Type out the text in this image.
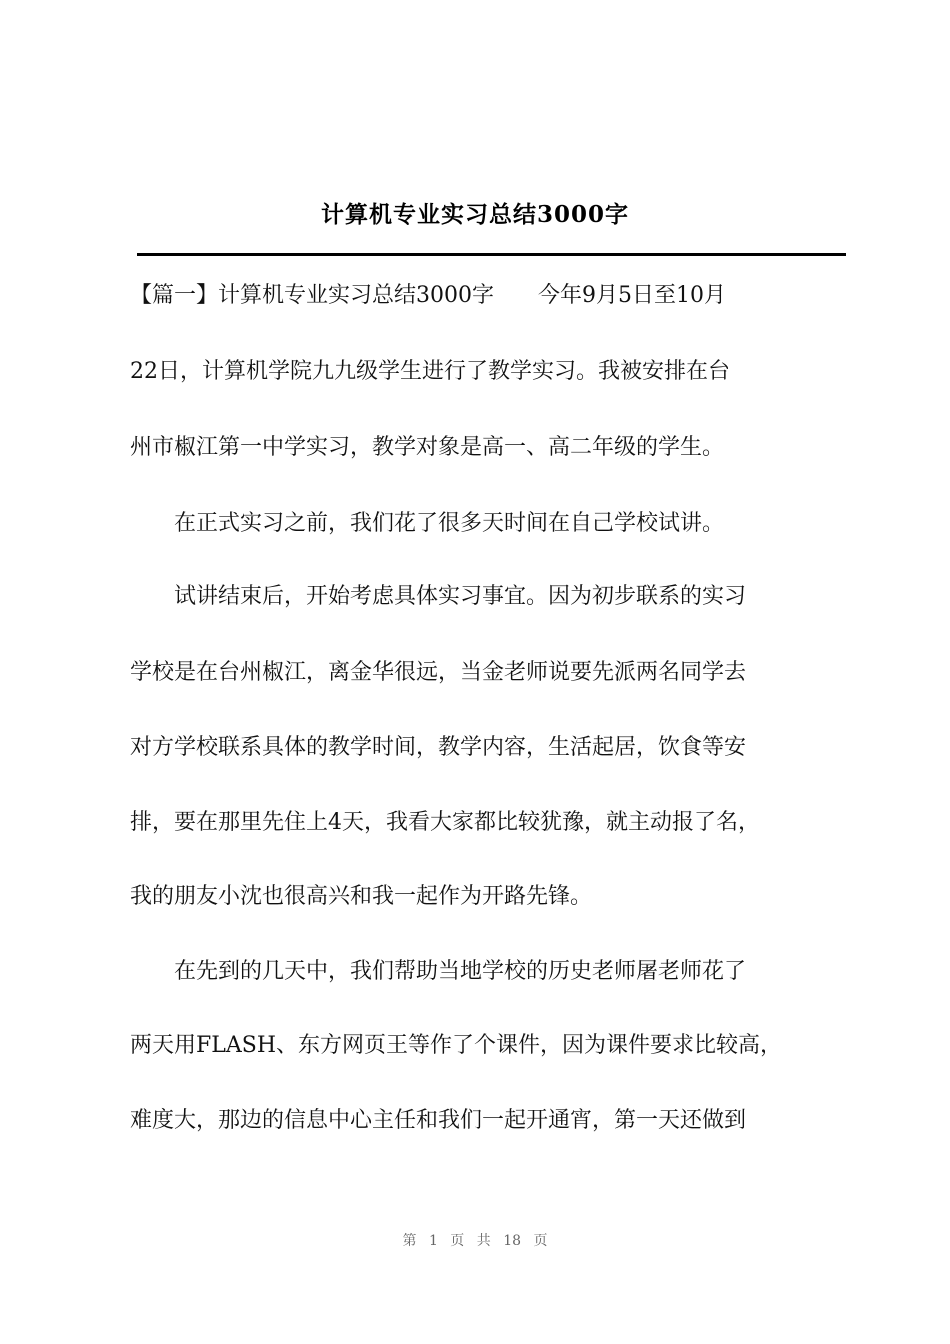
计算机专业实习总结3000字
【篇一】计算机专业实习总结3000字　　今年9月5日至10月
22日，计算机学院九九级学生进行了教学实习。我被安排在台
州市椒江第一中学实习，教学对象是高一、高二年级的学生。
　　在正式实习之前，我们花了很多天时间在自己学校试讲。
　　试讲结束后，开始考虑具体实习事宜。因为初步联系的实习
学校是在台州椒江，离金华很远，当金老师说要先派两名同学去
对方学校联系具体的教学时间，教学内容，生活起居，饮食等安
排，要在那里先住上4天，我看大家都比较犹豫，就主动报了名，
我的朋友小沈也很高兴和我一起作为开路先锋。
　　在先到的几天中，我们帮助当地学校的历史老师屠老师花了
两天用FLASH、东方网页王等作了个课件，因为课件要求比较高，
难度大，那边的信息中心主任和我们一起开通宵，第一天还做到
第 1 页 共 18 页
